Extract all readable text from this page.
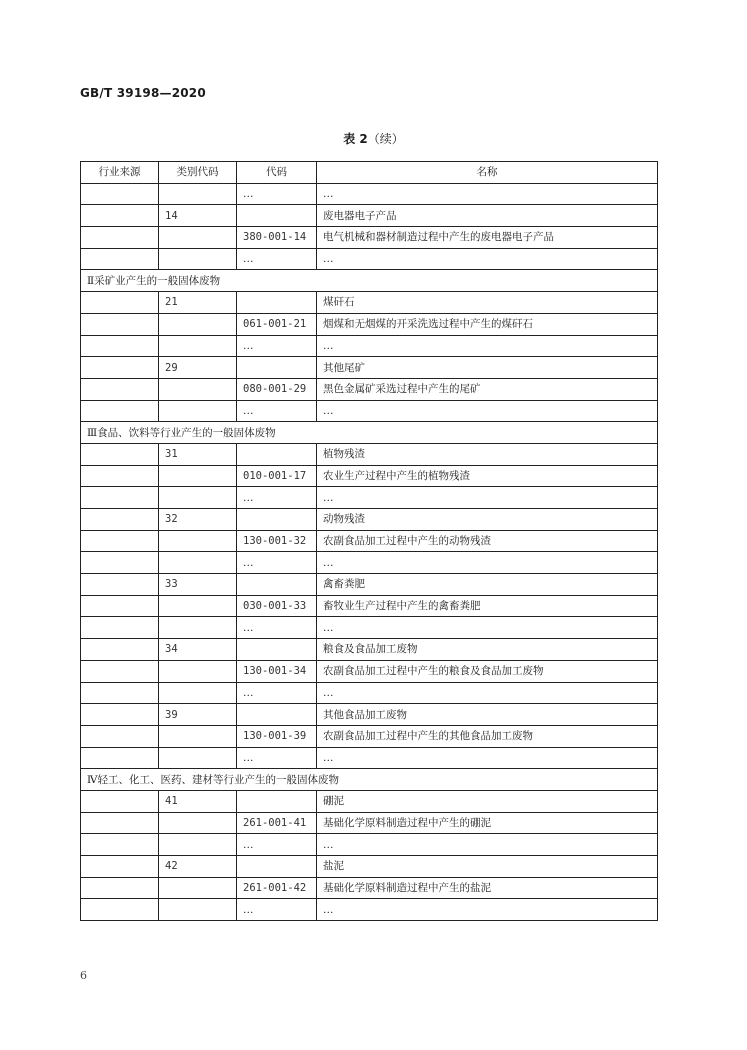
GB/T 39198—2020
表 2（续）
行业来源	类别代码	代码	名称
		…	…
	14		废电器电子产品
		380-001-14	电气机械和器材制造过程中产生的废电器电子产品
		…	…
Ⅱ采矿业产生的一般固体废物			
	21		煤矸石
		061-001-21	烟煤和无烟煤的开采洗选过程中产生的煤矸石
		…	…
	29		其他尾矿
		080-001-29	黑色金属矿采选过程中产生的尾矿
		…	…
Ⅲ食品、饮料等行业产生的一般固体废物			
	31		植物残渣
		010-001-17	农业生产过程中产生的植物残渣
		…	…
	32		动物残渣
		130-001-32	农副食品加工过程中产生的动物残渣
		…	…
	33		禽畜粪肥
		030-001-33	畜牧业生产过程中产生的禽畜粪肥
		…	…
	34		粮食及食品加工废物
		130-001-34	农副食品加工过程中产生的粮食及食品加工废物
		…	…
	39		其他食品加工废物
		130-001-39	农副食品加工过程中产生的其他食品加工废物
		…	…
Ⅳ轻工、化工、医药、建材等行业产生的一般固体废物			
	41		硼泥
		261-001-41	基础化学原料制造过程中产生的硼泥
		…	…
	42		盐泥
		261-001-42	基础化学原料制造过程中产生的盐泥
		…	…
6
